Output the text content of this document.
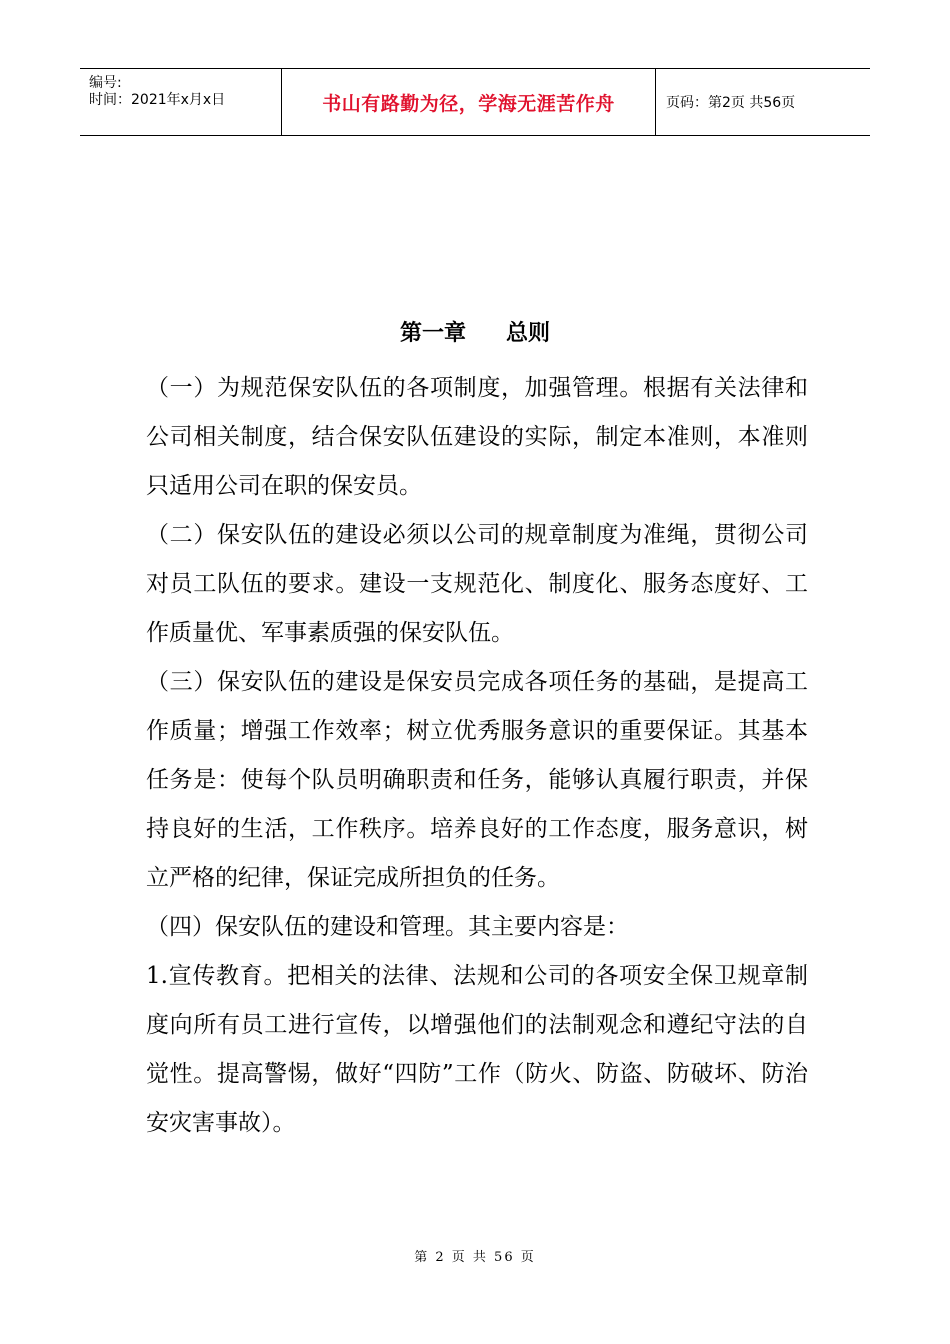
编号:
时间：2021年x月x日	书山有路勤为径，学海无涯苦作舟	页码：第2页 共56页
第一章 总则

（一）为规范保安队伍的各项制度，加强管理。根据有关法律和公司相关制度，结合保安队伍建设的实际，制定本准则，本准则只适用公司在职的保安员。

（二）保安队伍的建设必须以公司的规章制度为准绳，贯彻公司对员工队伍的要求。建设一支规范化、制度化、服务态度好、工作质量优、军事素质强的保安队伍。

（三）保安队伍的建设是保安员完成各项任务的基础，是提高工作质量；增强工作效率；树立优秀服务意识的重要保证。其基本任务是：使每个队员明确职责和任务，能够认真履行职责，并保持良好的生活，工作秩序。培养良好的工作态度，服务意识，树立严格的纪律，保证完成所担负的任务。

（四）保安队伍的建设和管理。其主要内容是：

1.宣传教育。把相关的法律、法规和公司的各项安全保卫规章制度向所有员工进行宣传，以增强他们的法制观念和遵纪守法的自觉性。提高警惕，做好“四防”工作（防火、防盗、防破坏、防治安灾害事故）。

第 2 页 共 56 页
